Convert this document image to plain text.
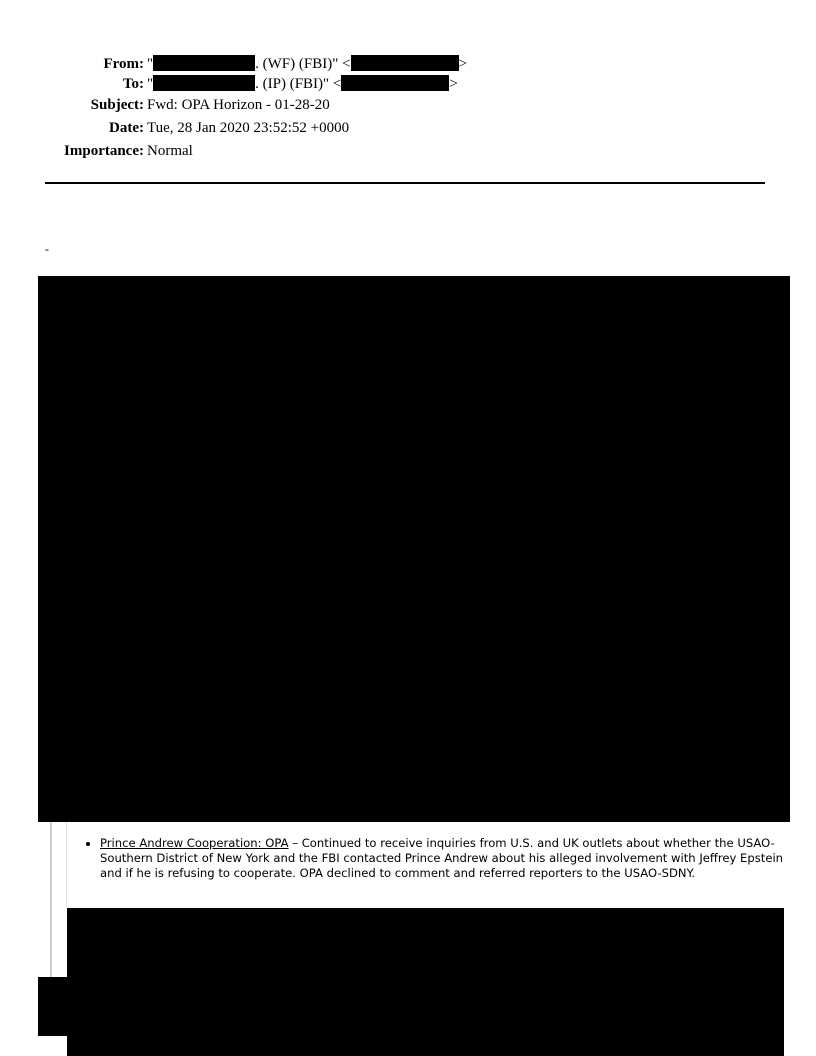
From: "	. (WF) (FBI)" <	>
To: "	. (IP) (FBI)" <	>
Subject: Fwd: OPA Horizon - 01-28-20
Date: Tue, 28 Jan 2020 23:52:52 +0000
Importance: Normal
-
• Prince Andrew Cooperation: OPA – Continued to receive inquiries from U.S. and UK outlets about whether the USAO-Southern District of New York and the FBI contacted Prince Andrew about his alleged involvement with Jeffrey Epstein and if he is refusing to cooperate. OPA declined to comment and referred reporters to the USAO-SDNY.
